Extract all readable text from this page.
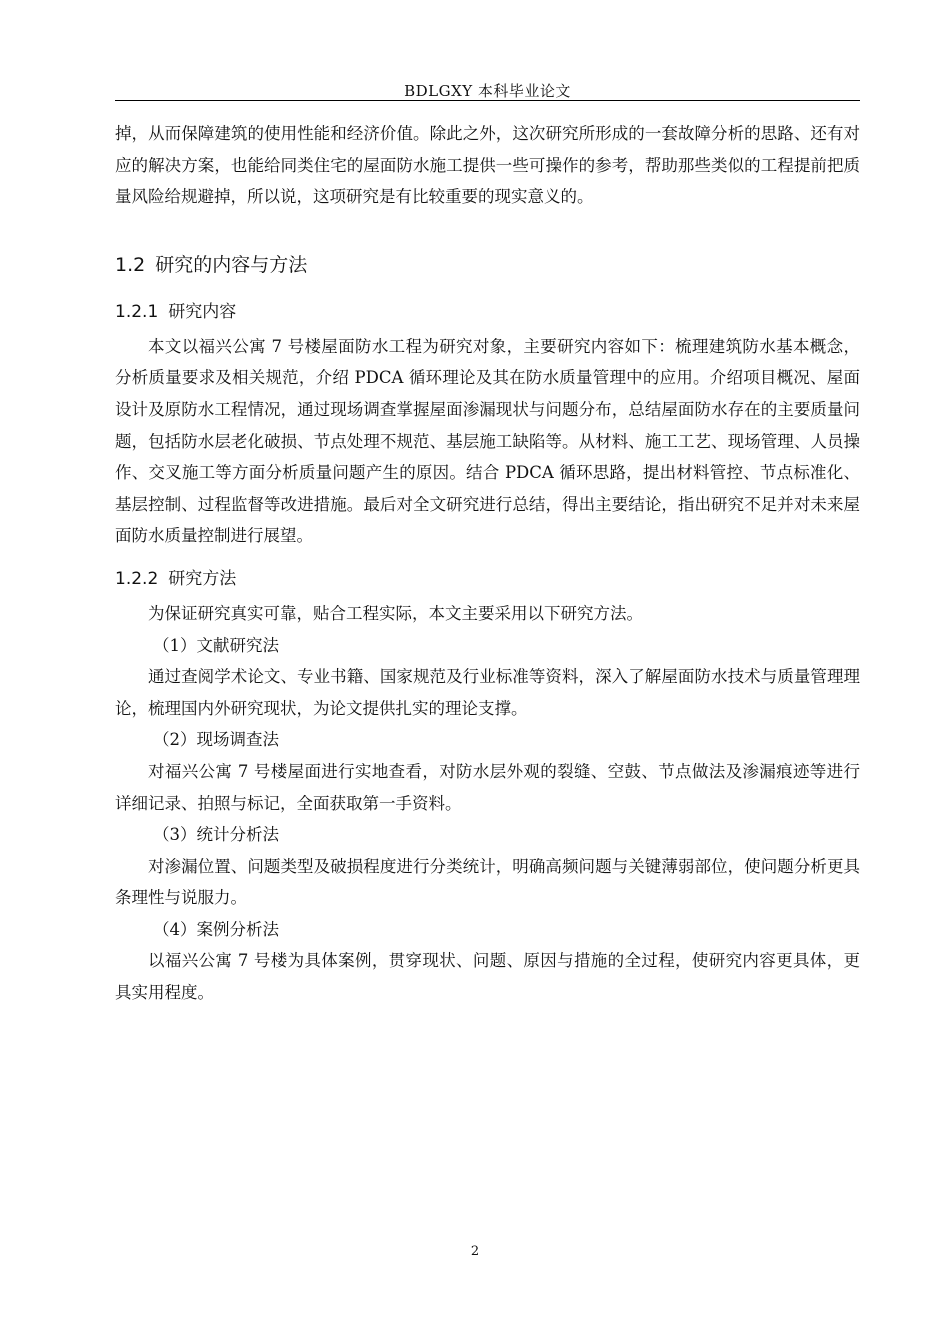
BDLGXY 本科毕业论文

掉，从而保障建筑的使用性能和经济价值。除此之外，这次研究所形成的一套故障分析的思路、还有对应的解决方案，也能给同类住宅的屋面防水施工提供一些可操作的参考，帮助那些类似的工程提前把质量风险给规避掉，所以说，这项研究是有比较重要的现实意义的。

1.2 研究的内容与方法
1.2.1 研究内容

本文以福兴公寓 7 号楼屋面防水工程为研究对象，主要研究内容如下：梳理建筑防水基本概念，分析质量要求及相关规范，介绍 PDCA 循环理论及其在防水质量管理中的应用。介绍项目概况、屋面设计及原防水工程情况，通过现场调查掌握屋面渗漏现状与问题分布，总结屋面防水存在的主要质量问题，包括防水层老化破损、节点处理不规范、基层施工缺陷等。从材料、施工工艺、现场管理、人员操作、交叉施工等方面分析质量问题产生的原因。结合 PDCA 循环思路，提出材料管控、节点标准化、基层控制、过程监督等改进措施。最后对全文研究进行总结，得出主要结论，指出研究不足并对未来屋面防水质量控制进行展望。

1.2.2 研究方法

为保证研究真实可靠，贴合工程实际，本文主要采用以下研究方法。

（1）文献研究法

通过查阅学术论文、专业书籍、国家规范及行业标准等资料，深入了解屋面防水技术与质量管理理论，梳理国内外研究现状，为论文提供扎实的理论支撑。

（2）现场调查法

对福兴公寓 7 号楼屋面进行实地查看，对防水层外观的裂缝、空鼓、节点做法及渗漏痕迹等进行详细记录、拍照与标记，全面获取第一手资料。

（3）统计分析法

对渗漏位置、问题类型及破损程度进行分类统计，明确高频问题与关键薄弱部位，使问题分析更具条理性与说服力。

（4）案例分析法

以福兴公寓 7 号楼为具体案例，贯穿现状、问题、原因与措施的全过程，使研究内容更具体，更具实用程度。

2
